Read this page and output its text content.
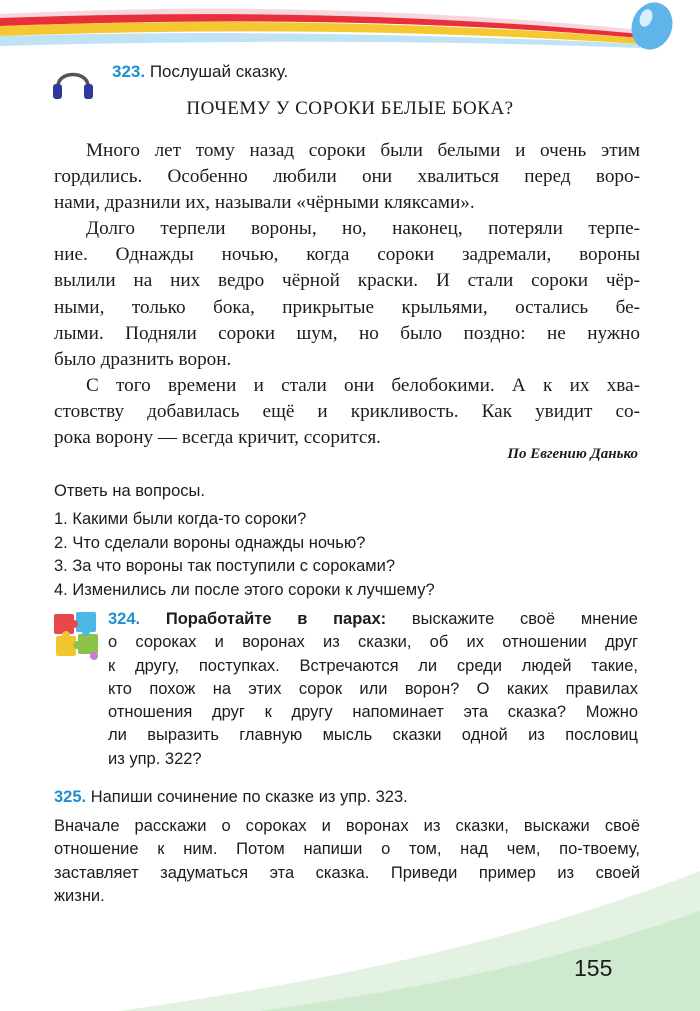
323. Послушай сказку.
ПОЧЕМУ У СОРОКИ БЕЛЫЕ БОКА?
Много лет тому назад сороки были белыми и очень этим
гордились. Особенно любили они хвалиться перед воро-
нами, дразнили их, называли «чёрными кляксами».
Долго терпели вороны, но, наконец, потеряли терпе-
ние. Однажды ночью, когда сороки задремали, вороны
вылили на них ведро чёрной краски. И стали сороки чёр-
ными, только бока, прикрытые крыльями, остались бе-
лыми. Подняли сороки шум, но было поздно: не нужно
было дразнить ворон.
С того времени и стали они белобокими. А к их хва-
стовству добавилась ещё и крикливость. Как увидит со-
рока ворону — всегда кричит, ссорится.
По Евгению Данько
Ответь на вопросы.
1. Какими были когда-то сороки?
2. Что сделали вороны однажды ночью?
3. За что вороны так поступили с сороками?
4. Изменились ли после этого сороки к лучшему?
324. Поработайте в парах: выскажите своё мнение
о сороках и воронах из сказки, об их отношении друг
к другу, поступках. Встречаются ли среди людей такие,
кто похож на этих сорок или ворон? О каких правилах
отношения друг к другу напоминает эта сказка? Можно
ли выразить главную мысль сказки одной из пословиц
из упр. 322?
325. Напиши сочинение по сказке из упр. 323.
Вначале расскажи о сороках и воронах из сказки, выскажи своё
отношение к ним. Потом напиши о том, над чем, по-твоему,
заставляет задуматься эта сказка. Приведи пример из своей
жизни.
155
